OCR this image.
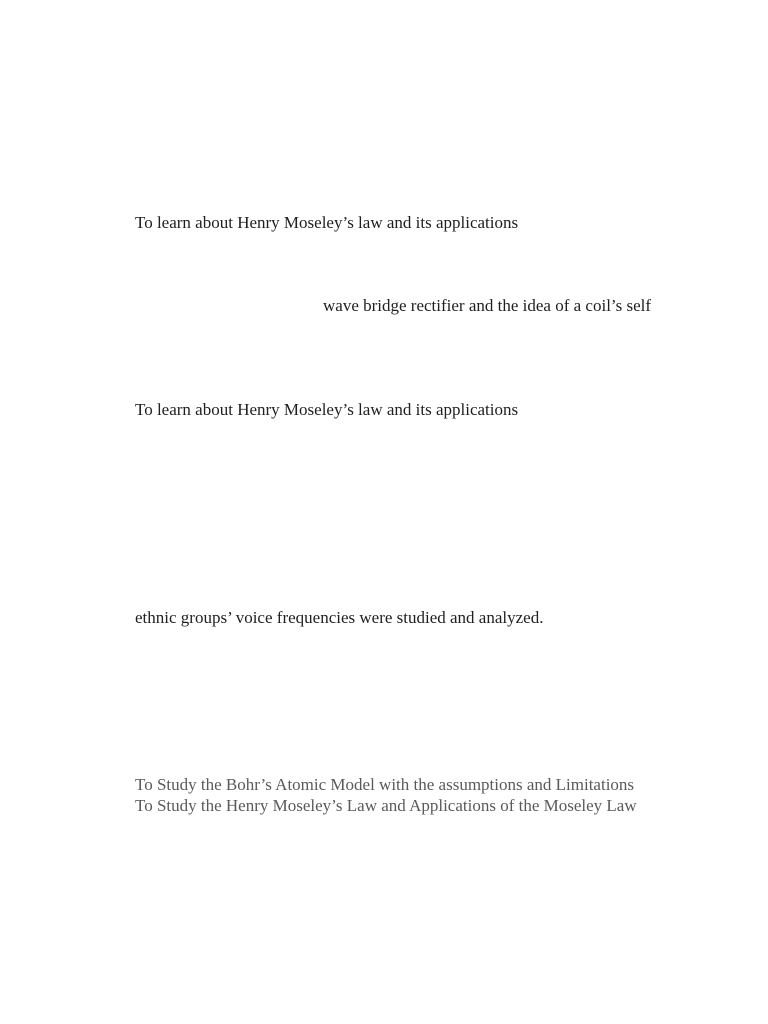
To learn about Henry Moseley’s law and its applications

wave bridge rectifier and the idea of a coil’s self

To learn about Henry Moseley’s law and its applications

ethnic groups’ voice frequencies were studied and analyzed.

To Study the Bohr’s Atomic Model with the assumptions and Limitations

To Study the Henry Moseley’s Law and Applications of the Moseley Law
